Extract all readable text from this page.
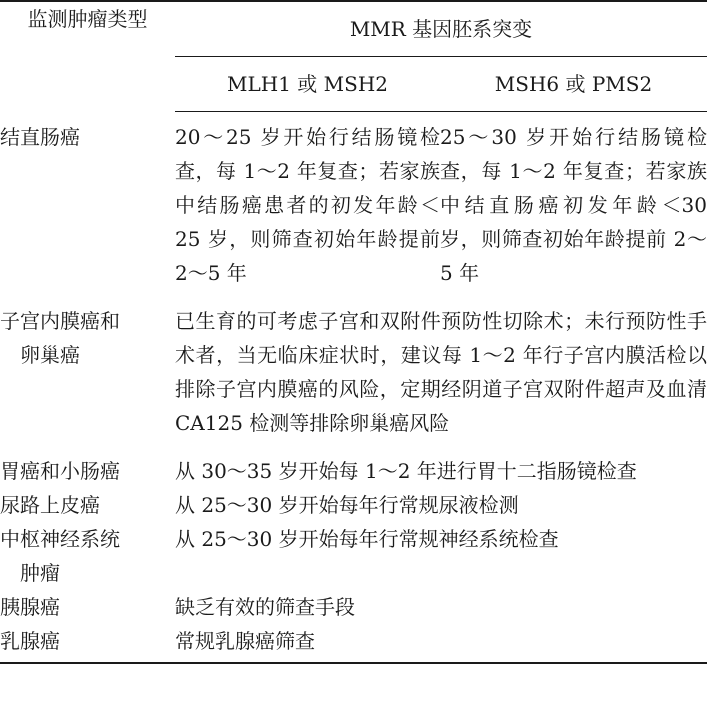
监测肿瘤类型	MMR 基因胚系突变	
	MLH1 或 MSH2	MSH6 或 PMS2
结直肠癌	20～25 岁开始行结肠镜检查，每 1～2 年复查；若家族中结肠癌患者的初发年龄＜25 岁，则筛查初始年龄提前 2～5 年	25～30 岁开始行结肠镜检查，每 1～2 年复查；若家族中结直肠癌初发年龄＜30 岁，则筛查初始年龄提前 2～5 年

子宫内膜癌和
卵巢癌	已生育的可考虑子宫和双附件预防性切除术；未行预防性手术者，当无临床症状时，建议每 1～2 年行子宫内膜活检以排除子宫内膜癌的风险，定期经阴道子宫双附件超声及血清 CA125 检测等排除卵巢癌风险	
胃癌和小肠癌	从 30～35 岁开始每 1～2 年进行胃十二指肠镜检查	
尿路上皮癌	从 25～30 岁开始每年行常规尿液检测	

中枢神经系统
肿瘤	从 25～30 岁开始每年行常规神经系统检查	
胰腺癌	缺乏有效的筛查手段	
乳腺癌	常规乳腺癌筛查	
